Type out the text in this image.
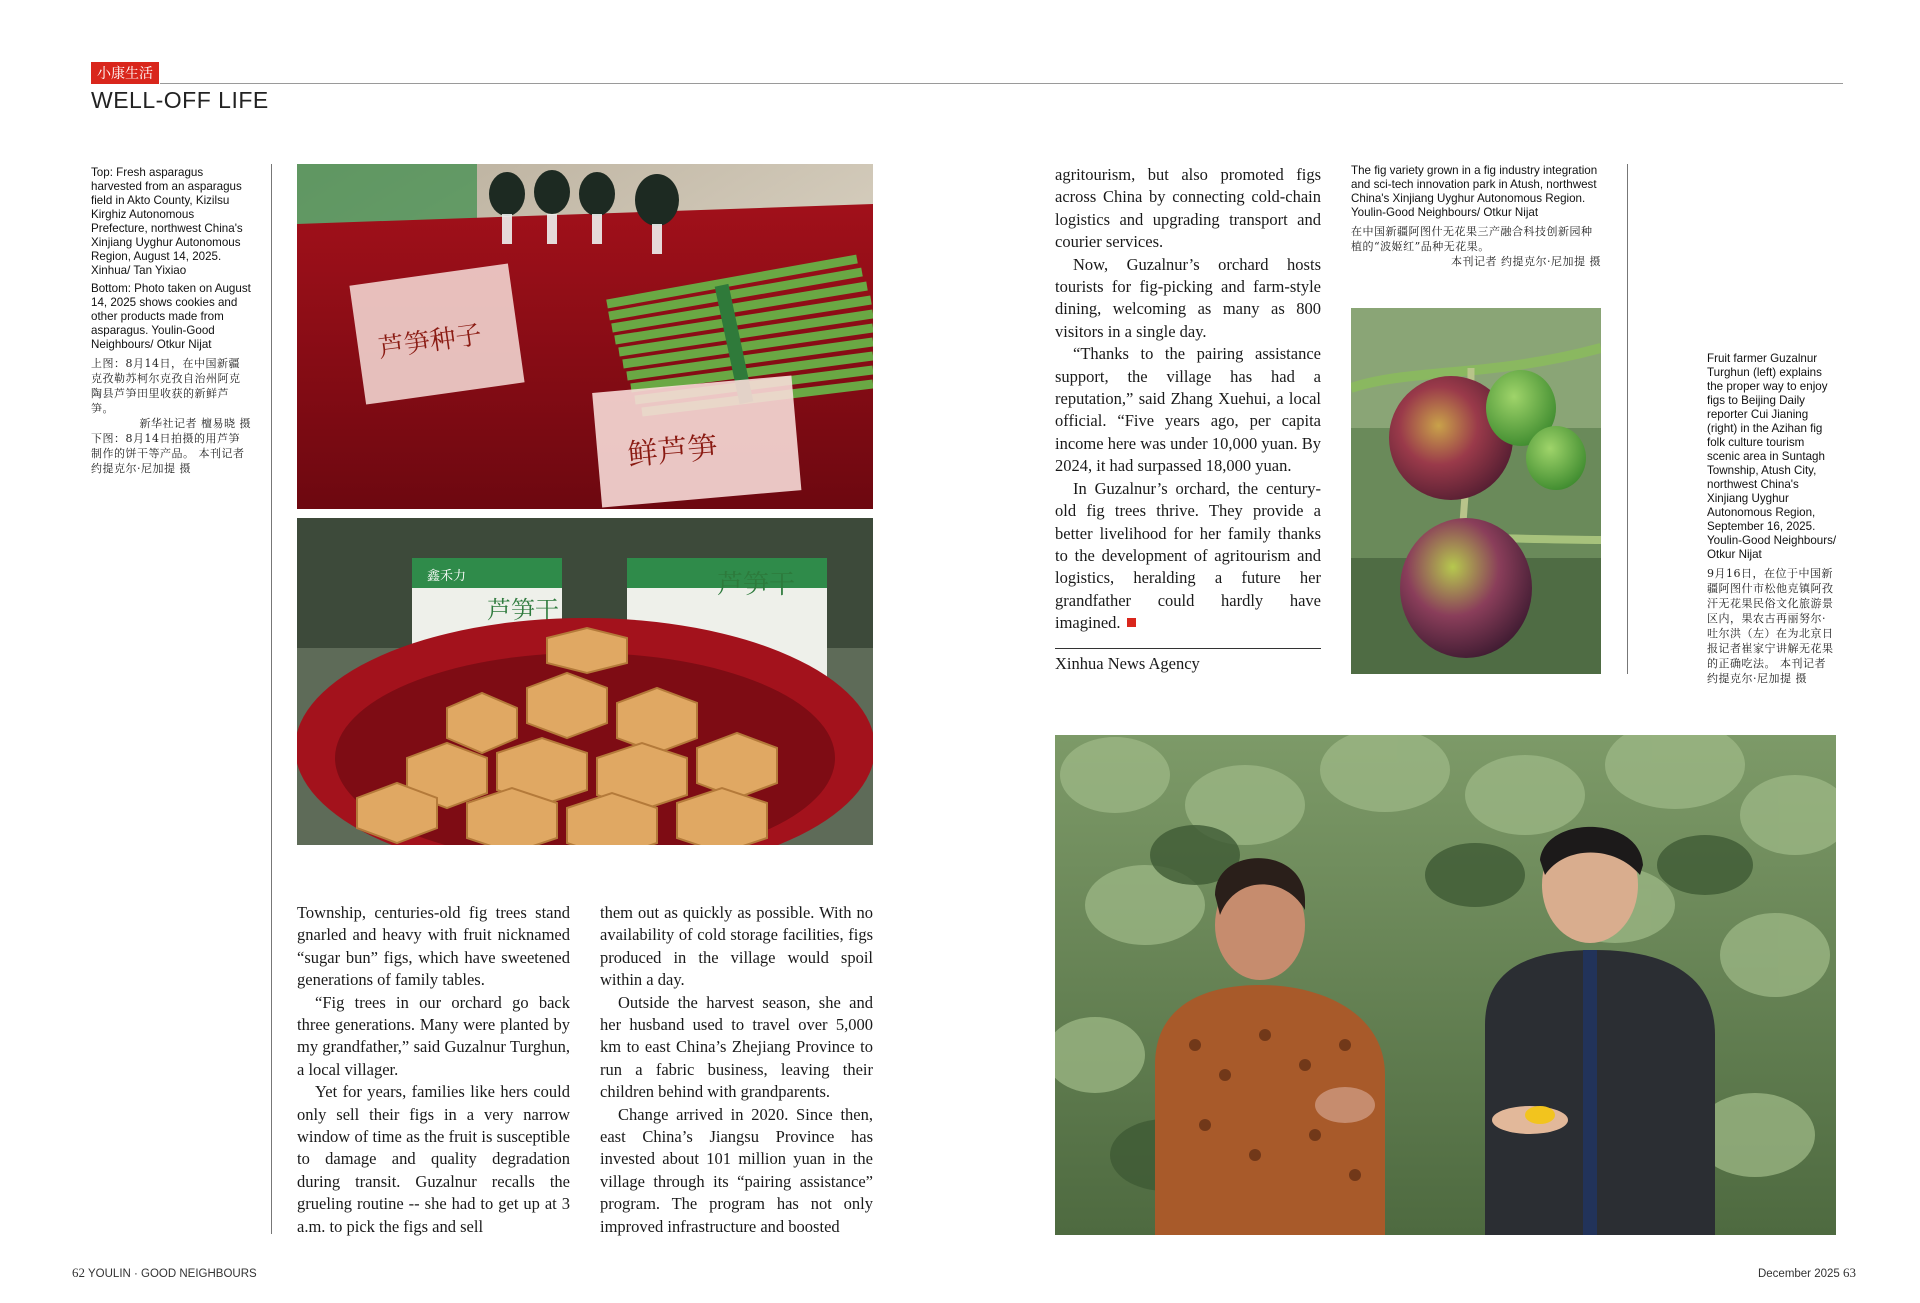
小康生活
WELL-OFF LIFE

Top: Fresh asparagus harvested from an asparagus field in Akto County, Kizilsu Kirghiz Autonomous Prefecture, northwest China's Xinjiang Uyghur Autonomous Region, August 14, 2025. Xinhua/ Tan Yixiao

Bottom: Photo taken on August 14, 2025 shows cookies and other products made from asparagus. Youlin-Good Neighbours/ Otkur Nijat

上图：8月14日，在中国新疆克孜勒苏柯尔克孜自治州阿克陶县芦笋田里收获的新鲜芦笋。
新华社记者 檀易晓 摄
下图：8月14日拍摄的用芦笋制作的饼干等产品。 本刊记者 约提克尔·尼加提 摄
芦笋种子
鲜芦笋
鑫禾力
芦笋干
芦笋干

Township, centuries-old fig trees stand gnarled and heavy with fruit nicknamed “sugar bun” figs, which have sweetened generations of family tables.

“Fig trees in our orchard go back three generations. Many were planted by my grandfather,” said Guzalnur Turghun, a local villager.

Yet for years, families like hers could only sell their figs in a very narrow window of time as the fruit is susceptible to damage and quality degradation during transit. Guzalnur recalls the grueling routine -- she had to get up at 3 a.m. to pick the figs and sell

them out as quickly as possible. With no availability of cold storage facilities, figs produced in the village would spoil within a day.

Outside the harvest season, she and her husband used to travel over 5,000 km to east China’s Zhejiang Province to run a fabric business, leaving their children behind with grandparents.

Change arrived in 2020. Since then, east China’s Jiangsu Province has invested about 101 million yuan in the village through its “pairing assistance” program. The program has not only improved infrastructure and boosted

agritourism, but also promoted figs across China by connecting cold-chain logistics and upgrading transport and courier services.

Now, Guzalnur’s orchard hosts tourists for fig-picking and farm-style dining, welcoming as many as 800 visitors in a single day.

“Thanks to the pairing assistance support, the village has had a reputation,” said Zhang Xuehui, a local official. “Five years ago, per capita income here was under 10,000 yuan. By 2024, it had surpassed 18,000 yuan.

In Guzalnur’s orchard, the century-old fig trees thrive. They provide a better livelihood for her family thanks to the development of agritourism and logistics, heralding a future her grandfather could hardly have imagined.

Xinhua News Agency
The fig variety grown in a fig industry integration and sci-tech innovation park in Atush, northwest China's Xinjiang Uyghur Autonomous Region.
Youlin-Good Neighbours/ Otkur Nijat
在中国新疆阿图什无花果三产融合科技创新园种植的“波姬红”品种无花果。
本刊记者 约提克尔·尼加提 摄
Fruit farmer Guzalnur Turghun (left) explains the proper way to enjoy figs to Beijing Daily reporter Cui Jianing (right) in the Azihan fig folk culture tourism scenic area in Suntagh Township, Atush City, northwest China's Xinjiang Uyghur Autonomous Region, September 16, 2025. Youlin-Good Neighbours/ Otkur Nijat
9月16日，在位于中国新疆阿图什市松他克镇阿孜汗无花果民俗文化旅游景区内，果农古再丽努尔·吐尔洪（左）在为北京日报记者崔家宁讲解无花果的正确吃法。 本刊记者 约提克尔·尼加提 摄
62 YOULIN · GOOD NEIGHBOURS	December 2025 63
